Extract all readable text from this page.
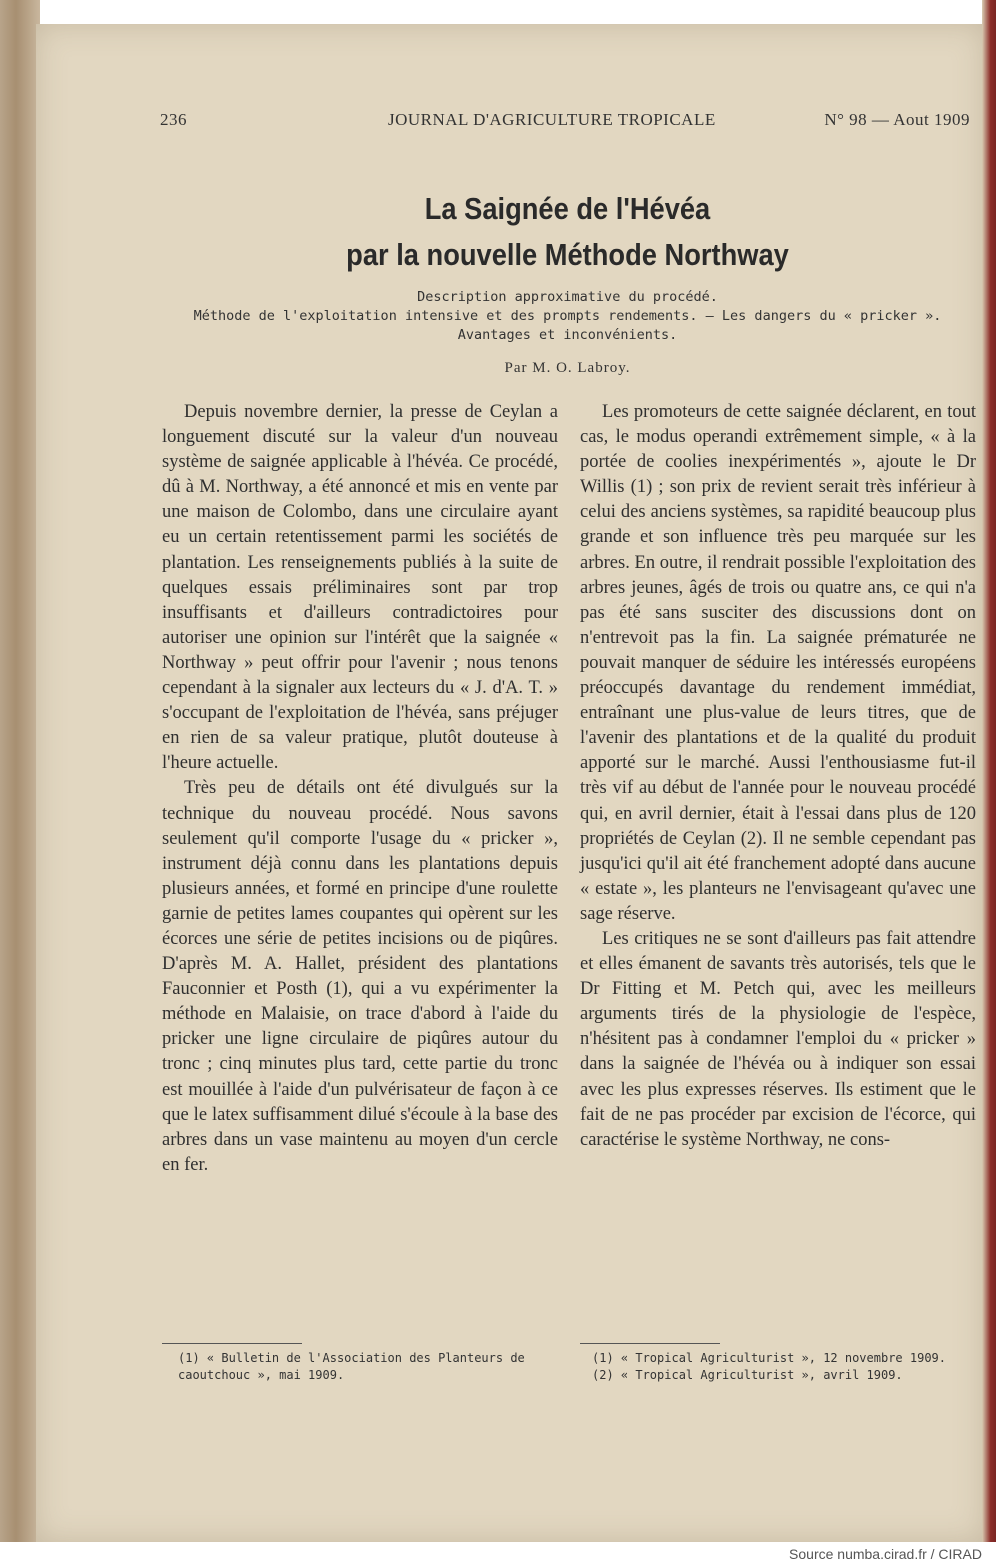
236	JOURNAL D'AGRICULTURE TROPICALE	N° 98 — Aout 1909
La Saignée de l'Hévéa
par la nouvelle Méthode Northway
Description approximative du procédé.
Méthode de l'exploitation intensive et des prompts rendements. — Les dangers du « pricker ».
Avantages et inconvénients.
Par M. O. Labroy.

Depuis novembre dernier, la presse de Ceylan a longuement discuté sur la valeur d'un nouveau système de saignée applicable à l'hévéa. Ce procédé, dû à M. Northway, a été annoncé et mis en vente par une maison de Colombo, dans une circulaire ayant eu un certain retentissement parmi les sociétés de plantation. Les renseignements publiés à la suite de quelques essais préliminaires sont par trop insuffisants et d'ailleurs contradictoires pour autoriser une opinion sur l'intérêt que la saignée « Northway » peut offrir pour l'avenir ; nous tenons cependant à la signaler aux lecteurs du « J. d'A. T. » s'occupant de l'exploitation de l'hévéa, sans préjuger en rien de sa valeur pratique, plutôt douteuse à l'heure actuelle.

Très peu de détails ont été divulgués sur la technique du nouveau procédé. Nous savons seulement qu'il comporte l'usage du « pricker », instrument déjà connu dans les plantations depuis plusieurs années, et formé en principe d'une roulette garnie de petites lames coupantes qui opèrent sur les écorces une série de petites incisions ou de piqûres. D'après M. A. Hallet, président des plantations Fauconnier et Posth (1), qui a vu expérimenter la méthode en Malaisie, on trace d'abord à l'aide du pricker une ligne circulaire de piqûres autour du tronc ; cinq minutes plus tard, cette partie du tronc est mouillée à l'aide d'un pulvérisateur de façon à ce que le latex suffisamment dilué s'écoule à la base des arbres dans un vase maintenu au moyen d'un cercle en fer.

Les promoteurs de cette saignée déclarent, en tout cas, le modus operandi extrêmement simple, « à la portée de coolies inexpérimentés », ajoute le Dr Willis (1) ; son prix de revient serait très inférieur à celui des anciens systèmes, sa rapidité beaucoup plus grande et son influence très peu marquée sur les arbres. En outre, il rendrait possible l'exploitation des arbres jeunes, âgés de trois ou quatre ans, ce qui n'a pas été sans susciter des discussions dont on n'entrevoit pas la fin. La saignée prématurée ne pouvait manquer de séduire les intéressés européens préoccupés davantage du rendement immédiat, entraînant une plus-value de leurs titres, que de l'avenir des plantations et de la qualité du produit apporté sur le marché. Aussi l'enthousiasme fut-il très vif au début de l'année pour le nouveau procédé qui, en avril dernier, était à l'essai dans plus de 120 propriétés de Ceylan (2). Il ne semble cependant pas jusqu'ici qu'il ait été franchement adopté dans aucune « estate », les planteurs ne l'envisageant qu'avec une sage réserve.

Les critiques ne se sont d'ailleurs pas fait attendre et elles émanent de savants très autorisés, tels que le Dr Fitting et M. Petch qui, avec les meilleurs arguments tirés de la physiologie de l'espèce, n'hésitent pas à condamner l'emploi du « pricker » dans la saignée de l'hévéa ou à indiquer son essai avec les plus expresses réserves. Ils estiment que le fait de ne pas procéder par excision de l'écorce, qui caractérise le système Northway, ne cons-

(1) « Bulletin de l'Association des Planteurs de caoutchouc », mai 1909.
(1) « Tropical Agriculturist », 12 novembre 1909.
(2) « Tropical Agriculturist », avril 1909.
Source numba.cirad.fr / CIRAD
